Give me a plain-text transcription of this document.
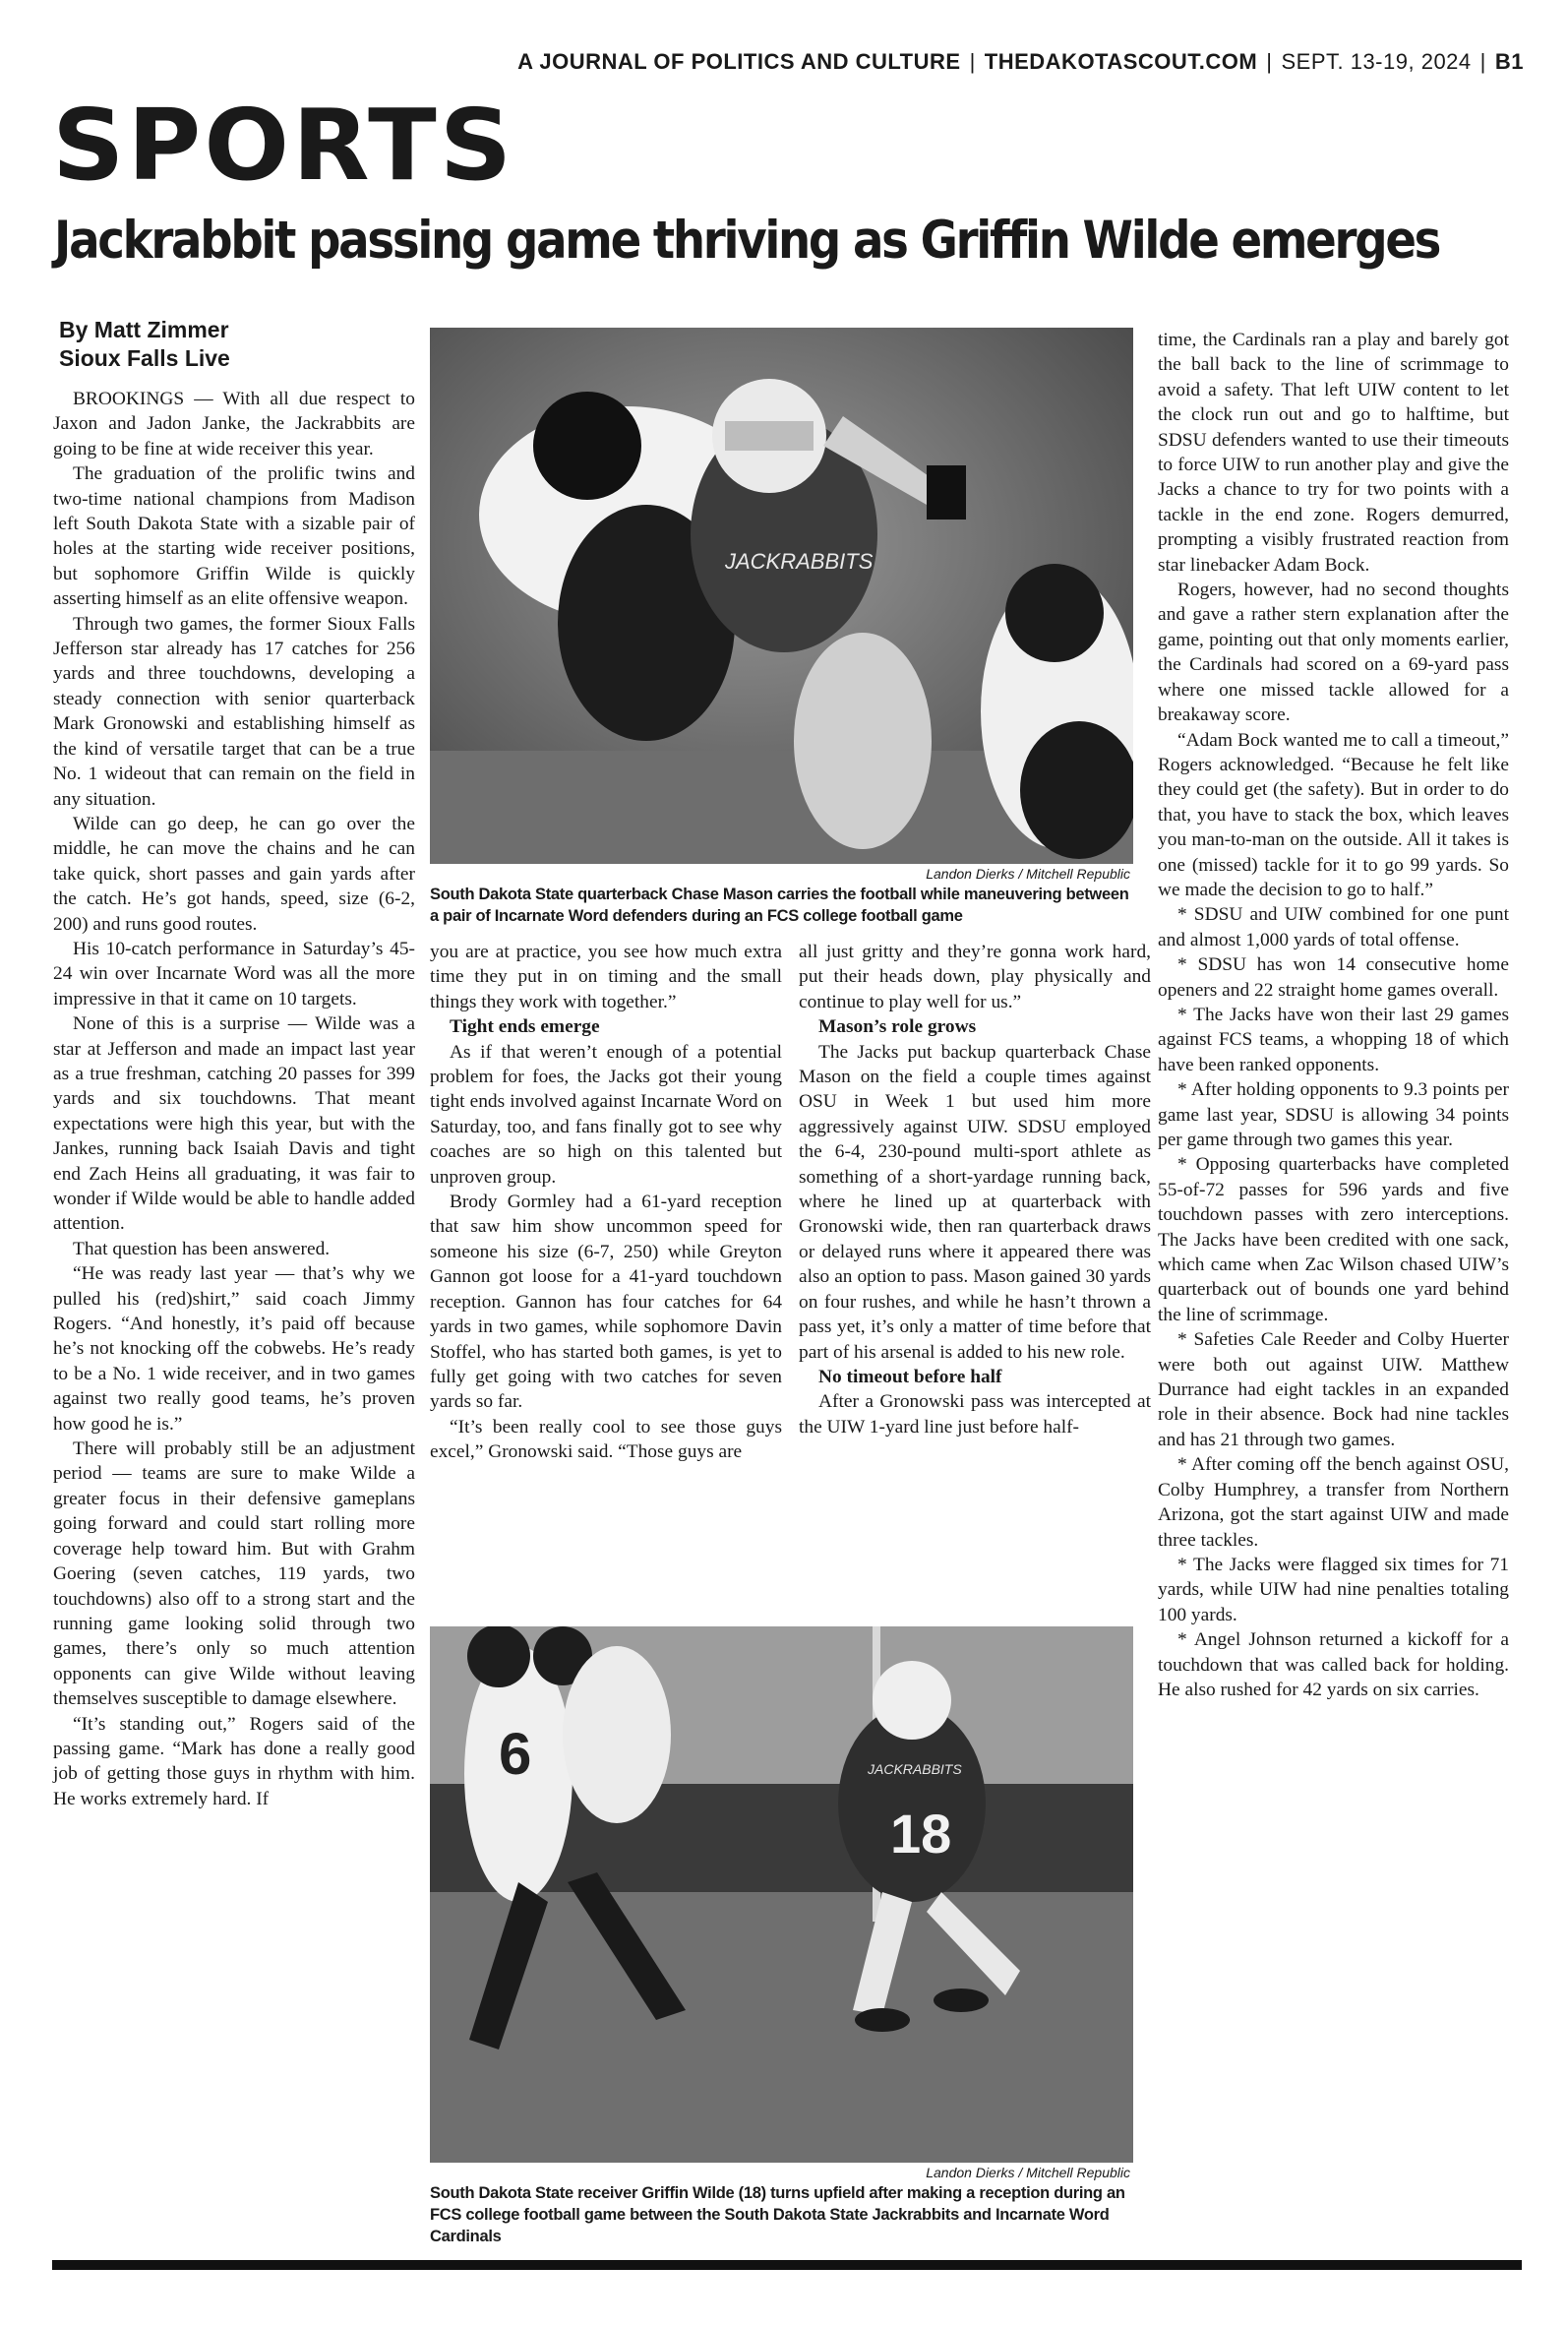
A JOURNAL OF POLITICS AND CULTURE | THEDAKOTASCOUT.COM | SEPT. 13-19, 2024 | B1
SPORTS
Jackrabbit passing game thriving as Griffin Wilde emerges
By Matt Zimmer
Sioux Falls Live

BROOKINGS — With all due respect to Jaxon and Jadon Janke, the Jackrabbits are going to be fine at wide receiver this year.

The graduation of the prolific twins and two-time national champions from Madison left South Dakota State with a sizable pair of holes at the starting wide receiver positions, but sophomore Griffin Wilde is quickly asserting himself as an elite offensive weapon.

Through two games, the former Sioux Falls Jefferson star already has 17 catches for 256 yards and three touchdowns, developing a steady connection with senior quarterback Mark Gronowski and establishing himself as the kind of versatile target that can be a true No. 1 wideout that can remain on the field in any situation.

Wilde can go deep, he can go over the middle, he can move the chains and he can take quick, short passes and gain yards after the catch. He’s got hands, speed, size (6-2, 200) and runs good routes.

His 10-catch performance in Saturday’s 45-24 win over Incarnate Word was all the more impressive in that it came on 10 targets.

None of this is a surprise — Wilde was a star at Jefferson and made an impact last year as a true freshman, catching 20 passes for 399 yards and six touchdowns. That meant expectations were high this year, but with the Jankes, running back Isaiah Davis and tight end Zach Heins all graduating, it was fair to wonder if Wilde would be able to handle added attention.

That question has been answered.

“He was ready last year — that’s why we pulled his (red)shirt,” said coach Jimmy Rogers. “And honestly, it’s paid off because he’s not knocking off the cobwebs. He’s ready to be a No. 1 wide receiver, and in two games against two really good teams, he’s proven how good he is.”

There will probably still be an adjustment period — teams are sure to make Wilde a greater focus in their defensive gameplans going forward and could start rolling more coverage help toward him. But with Grahm Goering (seven catches, 119 yards, two touchdowns) also off to a strong start and the running game looking solid through two games, there’s only so much attention opponents can give Wilde without leaving themselves susceptible to damage elsewhere.

“It’s standing out,” Rogers said of the passing game. “Mark has done a really good job of getting those guys in rhythm with him. He works extremely hard. If

JACKRABBITS
Landon Dierks / Mitchell Republic
South Dakota State quarterback Chase Mason carries the football while maneuvering between a pair of Incarnate Word defenders during an FCS college football game

you are at practice, you see how much extra time they put in on timing and the small things they work with together.”

Tight ends emerge

As if that weren’t enough of a potential problem for foes, the Jacks got their young tight ends involved against Incarnate Word on Saturday, too, and fans finally got to see why coaches are so high on this talented but unproven group.

Brody Gormley had a 61-yard reception that saw him show uncommon speed for someone his size (6-7, 250) while Greyton Gannon got loose for a 41-yard touchdown reception. Gannon has four catches for 64 yards in two games, while sophomore Davin Stoffel, who has started both games, is yet to fully get going with two catches for seven yards so far.

“It’s been really cool to see those guys excel,” Gronowski said. “Those guys are

all just gritty and they’re gonna work hard, put their heads down, play physically and continue to play well for us.”

Mason’s role grows

The Jacks put backup quarterback Chase Mason on the field a couple times against OSU in Week 1 but used him more aggressively against UIW. SDSU employed the 6-4, 230-pound multi-sport athlete as something of a short-yardage running back, where he lined up at quarterback with Gronowski wide, then ran quarterback draws or delayed runs where it appeared there was also an option to pass. Mason gained 30 yards on four rushes, and while he hasn’t thrown a pass yet, it’s only a matter of time before that part of his arsenal is added to his new role.

No timeout before half

After a Gronowski pass was intercepted at the UIW 1-yard line just before half-

6	JACKRABBITS
18
Landon Dierks / Mitchell Republic
South Dakota State receiver Griffin Wilde (18) turns upfield after making a reception during an FCS college football game between the South Dakota State Jackrabbits and Incarnate Word Cardinals

time, the Cardinals ran a play and barely got the ball back to the line of scrimmage to avoid a safety. That left UIW content to let the clock run out and go to halftime, but SDSU defenders wanted to use their timeouts to force UIW to run another play and give the Jacks a chance to try for two points with a tackle in the end zone. Rogers demurred, prompting a visibly frustrated reaction from star linebacker Adam Bock.

Rogers, however, had no second thoughts and gave a rather stern explanation after the game, pointing out that only moments earlier, the Cardinals had scored on a 69-yard pass where one missed tackle allowed for a breakaway score.

“Adam Bock wanted me to call a timeout,” Rogers acknowledged. “Because he felt like they could get (the safety). But in order to do that, you have to stack the box, which leaves you man-to-man on the outside. All it takes is one (missed) tackle for it to go 99 yards. So we made the decision to go to half.”

* SDSU and UIW combined for one punt and almost 1,000 yards of total offense.

* SDSU has won 14 consecutive home openers and 22 straight home games overall.

* The Jacks have won their last 29 games against FCS teams, a whopping 18 of which have been ranked opponents.

* After holding opponents to 9.3 points per game last year, SDSU is allowing 34 points per game through two games this year.

* Opposing quarterbacks have completed 55-of-72 passes for 596 yards and five touchdown passes with zero interceptions. The Jacks have been credited with one sack, which came when Zac Wilson chased UIW’s quarterback out of bounds one yard behind the line of scrimmage.

* Safeties Cale Reeder and Colby Huerter were both out against UIW. Matthew Durrance had eight tackles in an expanded role in their absence. Bock had nine tackles and has 21 through two games.

* After coming off the bench against OSU, Colby Humphrey, a transfer from Northern Arizona, got the start against UIW and made three tackles.

* The Jacks were flagged six times for 71 yards, while UIW had nine penalties totaling 100 yards.

* Angel Johnson returned a kickoff for a touchdown that was called back for holding. He also rushed for 42 yards on six carries.
